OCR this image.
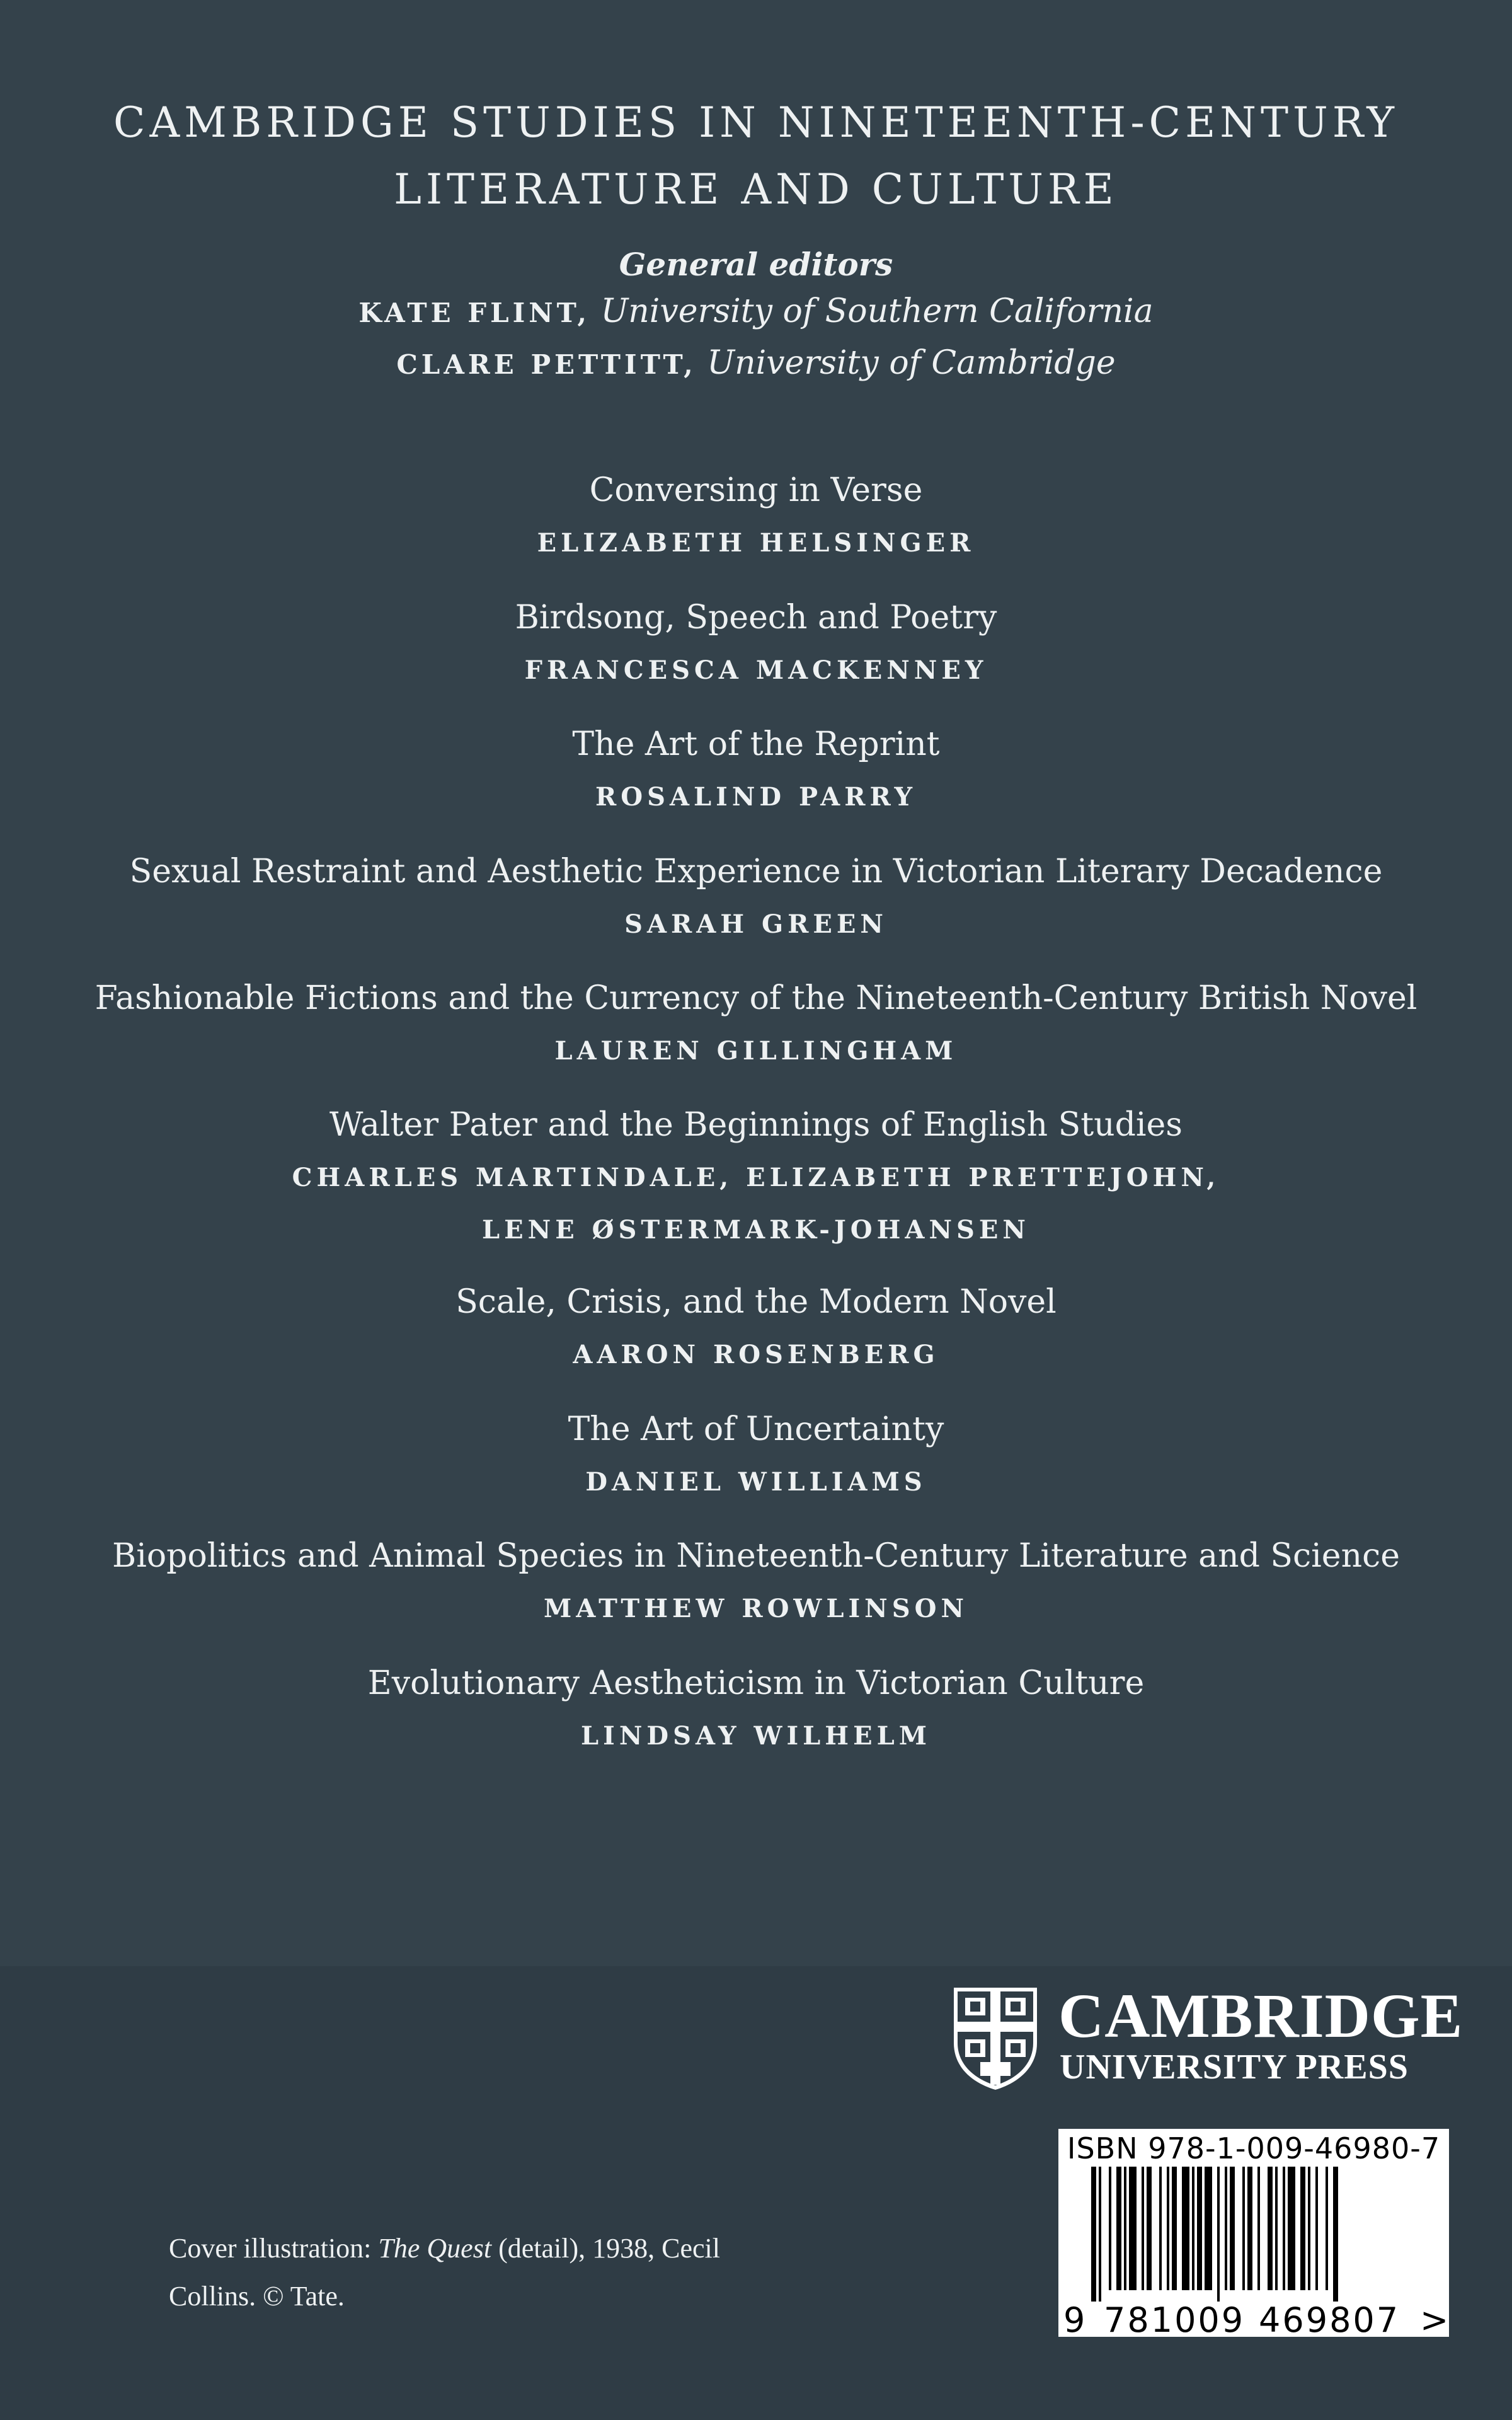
CAMBRIDGE STUDIES IN NINETEENTH-CENTURY
LITERATURE AND CULTURE
General editors
KATE FLINT, University of Southern California
CLARE PETTITT, University of Cambridge
Conversing in Verse
ELIZABETH HELSINGER
Birdsong, Speech and Poetry
FRANCESCA MACKENNEY
The Art of the Reprint
ROSALIND PARRY
Sexual Restraint and Aesthetic Experience in Victorian Literary Decadence
SARAH GREEN
Fashionable Fictions and the Currency of the Nineteenth-Century British Novel
LAUREN GILLINGHAM
Walter Pater and the Beginnings of English Studies
CHARLES MARTINDALE, ELIZABETH PRETTEJOHN,
LENE ØSTERMARK-JOHANSEN
Scale, Crisis, and the Modern Novel
AARON ROSENBERG
The Art of Uncertainty
DANIEL WILLIAMS
Biopolitics and Animal Species in Nineteenth-Century Literature and Science
MATTHEW ROWLINSON
Evolutionary Aestheticism in Victorian Culture
LINDSAY WILHELM
Cover illustration: The Quest (detail), 1938, Cecil Collins. © Tate.
CAMBRIDGE
UNIVERSITY PRESS
ISBN 978-1-009-46980-7
9 781009 469807 >
